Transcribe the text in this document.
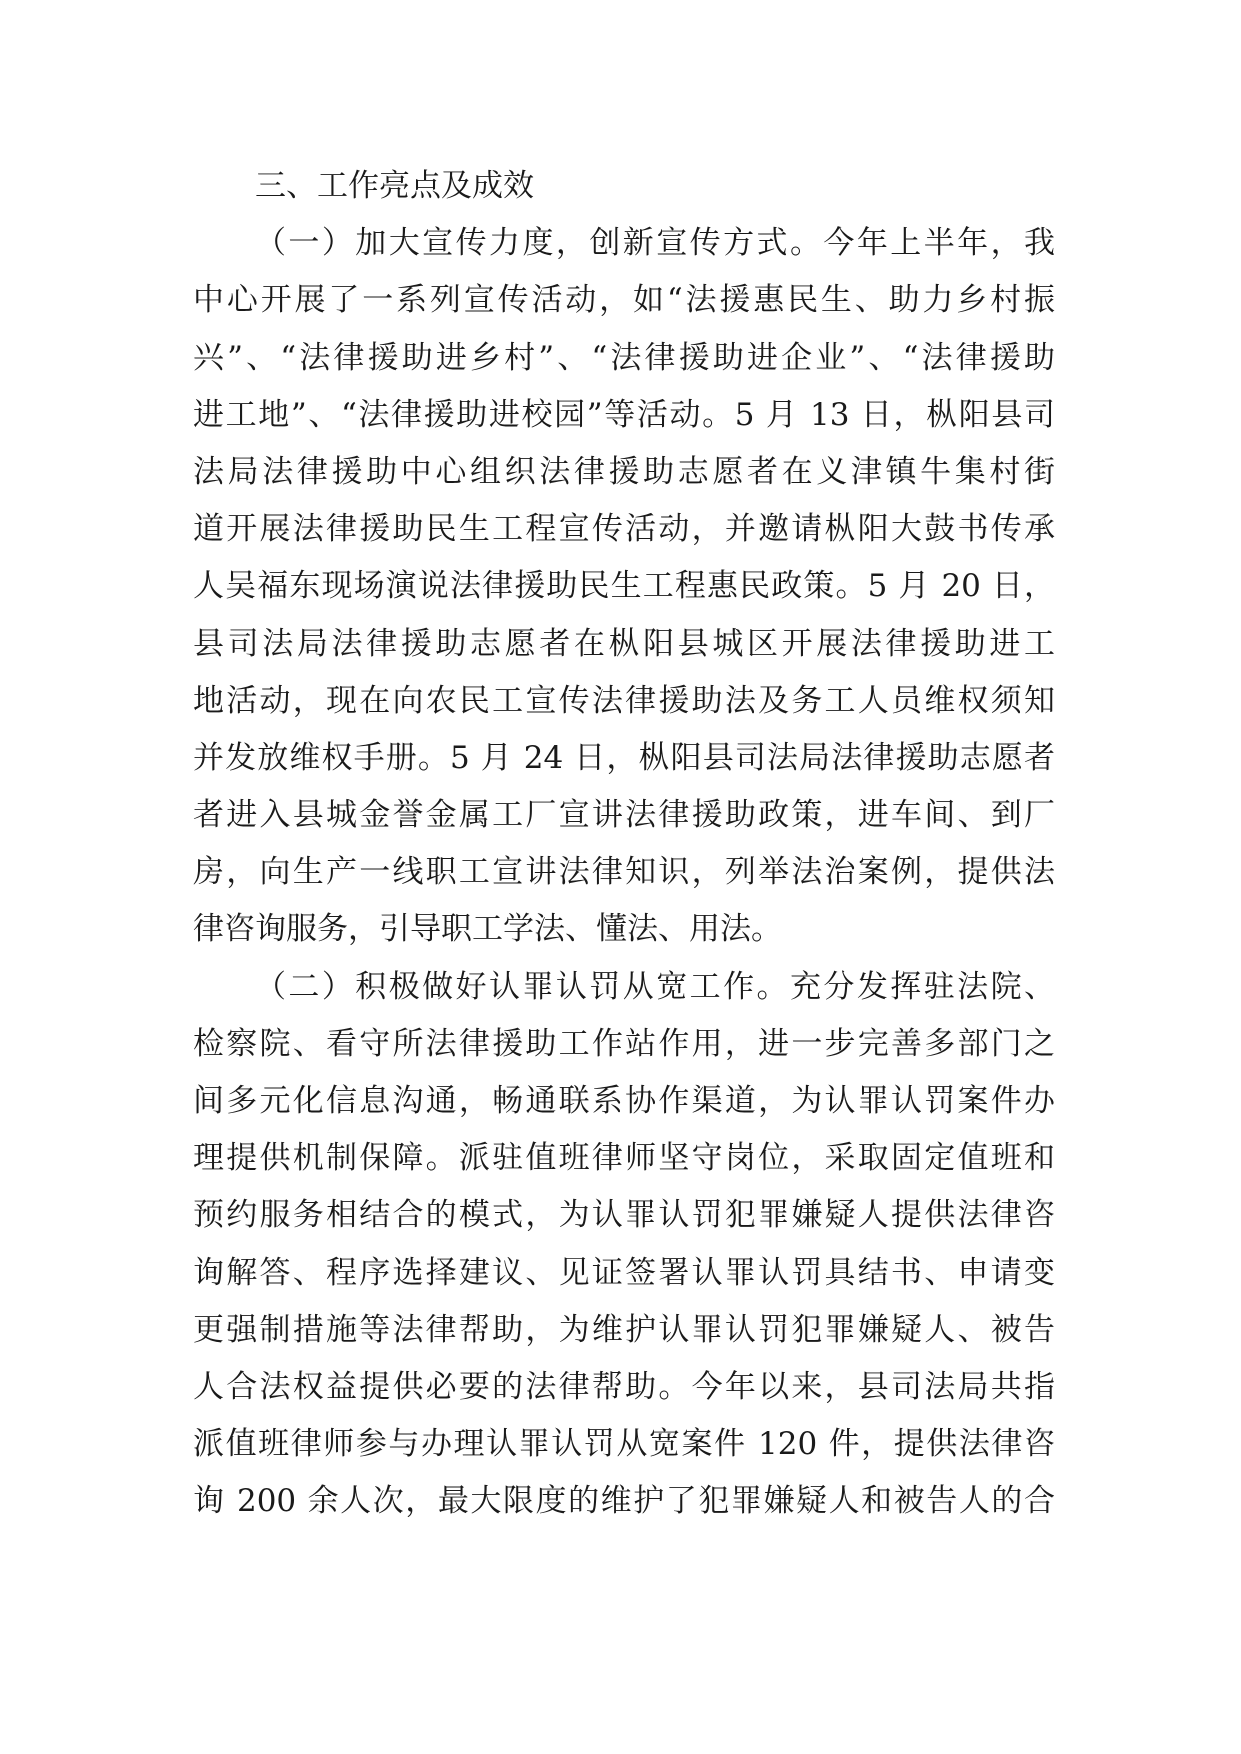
三、工作亮点及成效
（一）加大宣传力度，创新宣传方式。今年上半年，我
中心开展了一系列宣传活动，如“法援惠民生、助力乡村振
兴”、“法律援助进乡村”、“法律援助进企业”、“法律援助
进工地”、“法律援助进校园”等活动。5 月 13 日，枞阳县司
法局法律援助中心组织法律援助志愿者在义津镇牛集村街
道开展法律援助民生工程宣传活动，并邀请枞阳大鼓书传承
人吴福东现场演说法律援助民生工程惠民政策。5 月 20 日，
县司法局法律援助志愿者在枞阳县城区开展法律援助进工
地活动，现在向农民工宣传法律援助法及务工人员维权须知
并发放维权手册。5 月 24 日，枞阳县司法局法律援助志愿者
者进入县城金誉金属工厂宣讲法律援助政策，进车间、到厂
房，向生产一线职工宣讲法律知识，列举法治案例，提供法
律咨询服务，引导职工学法、懂法、用法。
（二）积极做好认罪认罚从宽工作。充分发挥驻法院、
检察院、看守所法律援助工作站作用，进一步完善多部门之
间多元化信息沟通，畅通联系协作渠道，为认罪认罚案件办
理提供机制保障。派驻值班律师坚守岗位，采取固定值班和
预约服务相结合的模式，为认罪认罚犯罪嫌疑人提供法律咨
询解答、程序选择建议、见证签署认罪认罚具结书、申请变
更强制措施等法律帮助，为维护认罪认罚犯罪嫌疑人、被告
人合法权益提供必要的法律帮助。今年以来，县司法局共指
派值班律师参与办理认罪认罚从宽案件 120 件，提供法律咨
询 200 余人次，最大限度的维护了犯罪嫌疑人和被告人的合
